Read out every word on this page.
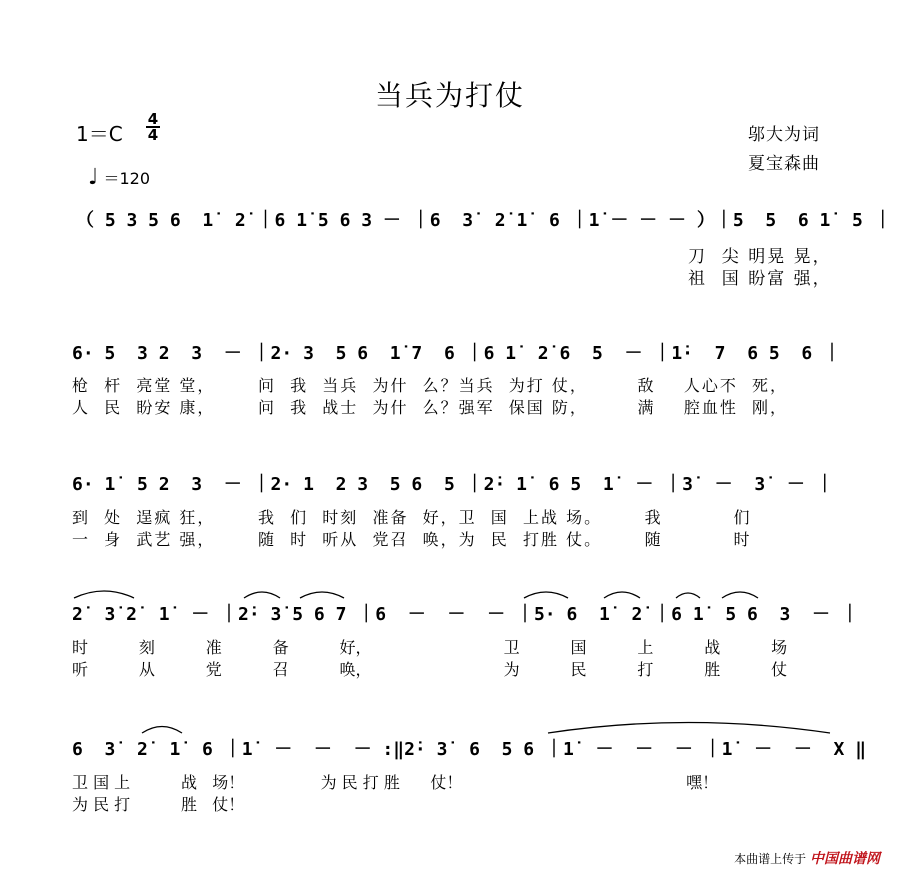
当兵为打仗
1＝C
4
4
♩ ＝120
邬大为词
夏宝森曲
（ 5 3 5 6  1̇  2̇ ｜6 1̇ 5 6 3 － ｜6  3̇  2̇ 1̇  6 ｜1̇ － － － ）｜5  5  6 1̇  5 ｜
刀  尖 明晃 晃，
祖  国 盼富 强，
6· 5  3 2  3  － ｜2· 3  5 6  1̇ 7  6 ｜6 1̇  2̇ 6  5  － ｜1̇·  7  6 5  6 ｜
枪  杆  亮堂 堂，      问  我  当兵  为什  么？当兵  为打 仗，       敌    人心不  死，
人  民  盼安 康，      问  我  战士  为什  么？强军  保国 防，       满    腔血性  刚，
6· 1̇  5 2  3  － ｜2· 1  2 3  5 6  5 ｜2̇· 1̇  6 5  1̇  － ｜3̇  －  3̇  － ｜
到  处  逞疯 狂，      我  们  时刻  准备  好，卫  国  上战 场。      我          们
一  身  武艺 强，      随  时  听从  党召  唤，为  民  打胜 仗。      随          时
2̇  3̇ 2̇  1̇  － ｜2̇· 3̇ 5 6 7 ｜6  －  －  － ｜5· 6  1̇  2̇ ｜6 1̇  5 6  3  － ｜
时          刻          准          备          好，                          卫          国          上          战          场
听          从          党          召          唤，                          为          民          打          胜          仗
6  3̇  2̇  1̇  6 ｜1̇  －  －  － :‖2̇· 3̇  6  5 6 ｜1̇  －  －  － ｜1̇  －  －  X ‖
卫 国 上          战   场！               为 民 打 胜      仗！                                            嘿！
为 民 打          胜   仗！
本曲谱上传于 中国曲谱网
